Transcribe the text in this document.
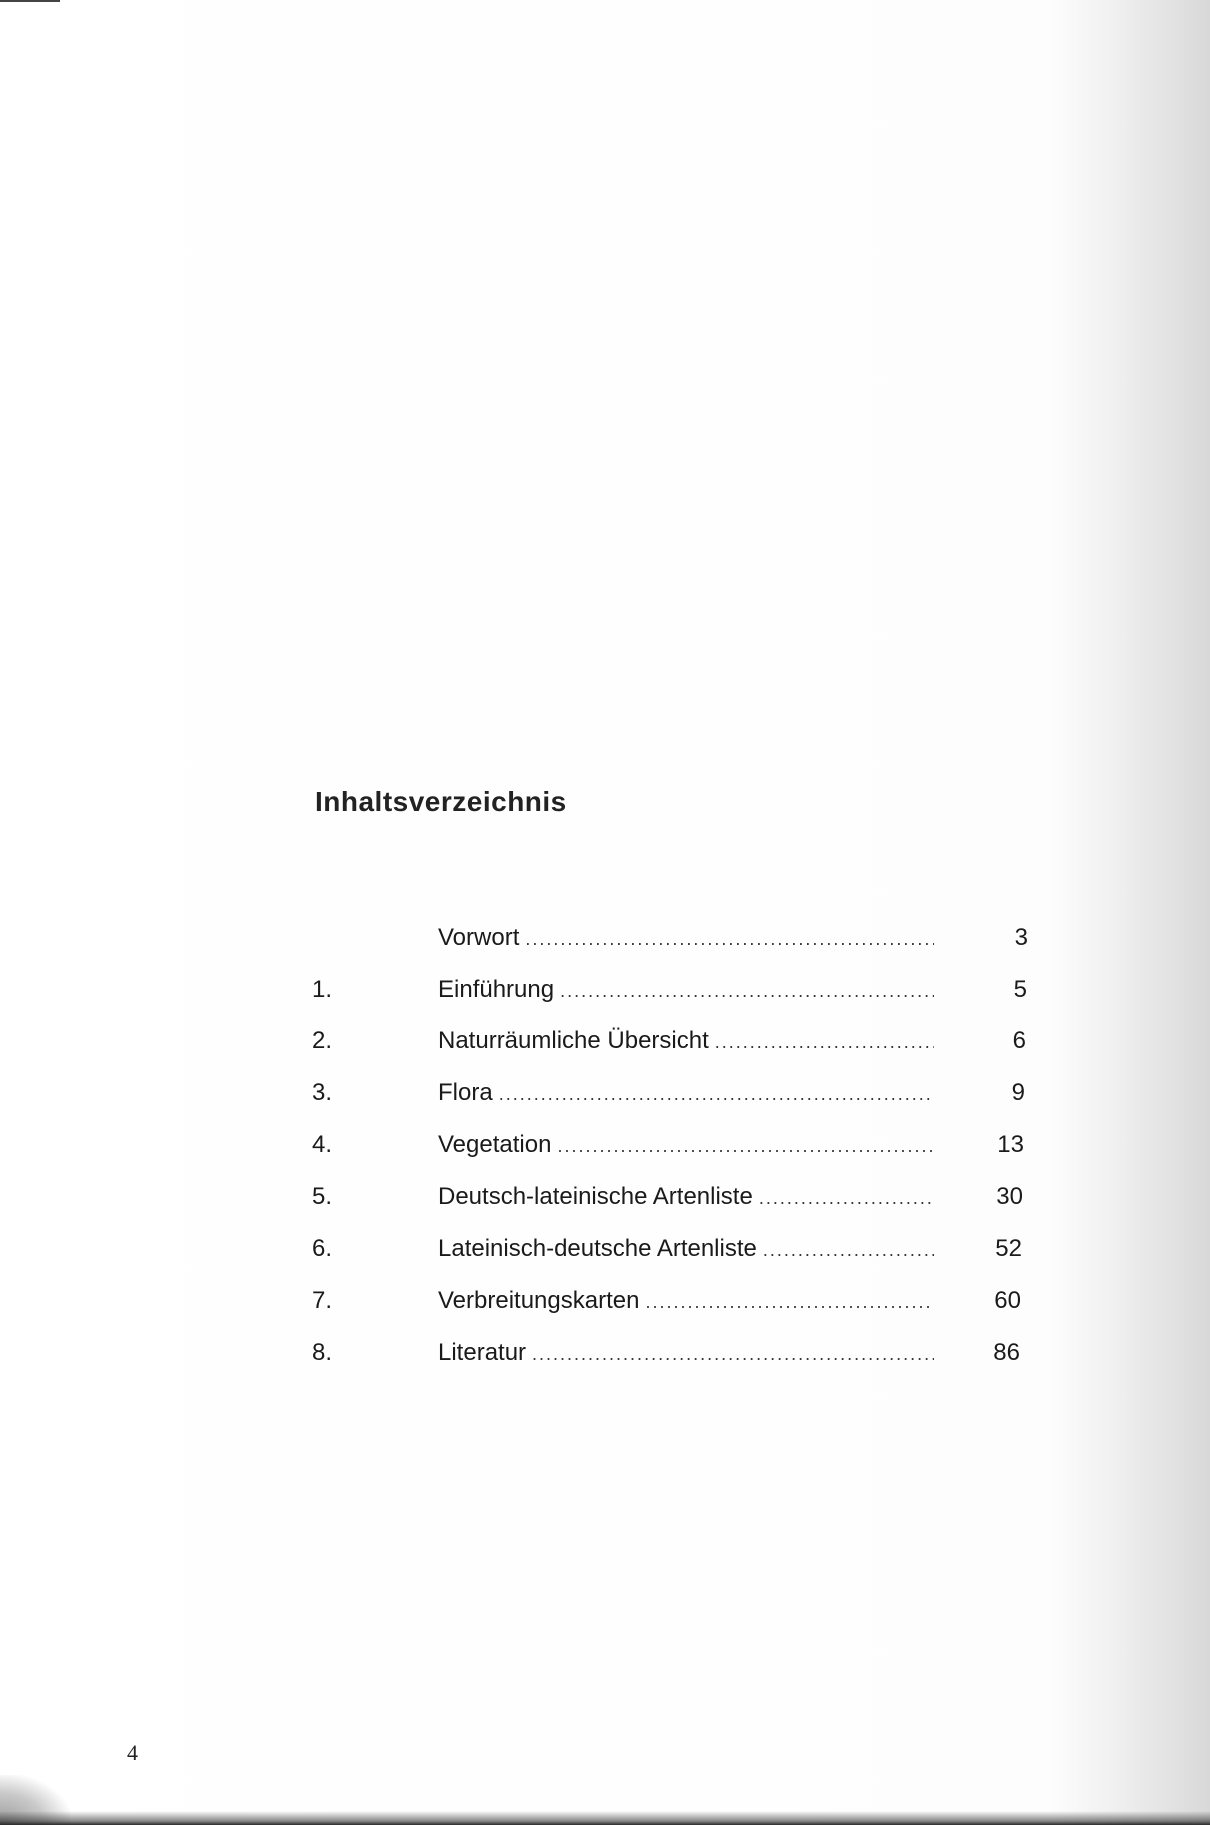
Inhaltsverzeichnis
Vorwort .....	3
1.	Einführung .....	5
2.	Naturräumliche Übersicht .....	6
3.	Flora .....	9
4.	Vegetation .....	13
5.	Deutsch-lateinische Artenliste .....	30
6.	Lateinisch-deutsche Artenliste .....	52
7.	Verbreitungskarten .....	60
8.	Literatur .....	86
4
